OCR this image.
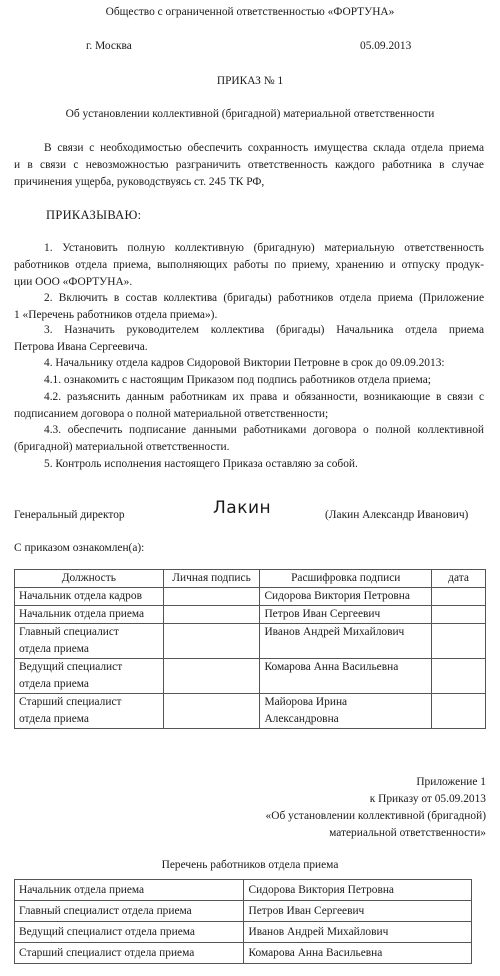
Общество с ограниченной ответственностью «ФОРТУНА»
г. Москва	05.09.2013
ПРИКАЗ № 1
Об установлении коллективной (бригадной) материальной ответственности
В связи с необходимостью обеспечить сохранность имущества склада отдела приема
и в связи с невозможностью разграничить ответственность каждого работника в случае
причинения ущерба, руководствуясь ст. 245 ТК РФ,
ПРИКАЗЫВАЮ:
1. Установить полную коллективную (бригадную) материальную ответственность
работников отдела приема, выполняющих работы по приему, хранению и отпуску продук-
ции ООО «ФОРТУНА».
2. Включить в состав коллектива (бригады) работников отдела приема (Приложение
1 «Перечень работников отдела приема»).
3. Назначить руководителем коллектива (бригады) Начальника отдела приема
Петрова Ивана Сергеевича.
4. Начальнику отдела кадров Сидоровой Виктории Петровне в срок до 09.09.2013:
4.1. ознакомить с настоящим Приказом под подпись работников отдела приема;
4.2. разъяснить данным работникам их права и обязанности, возникающие в связи с
подписанием договора о полной материальной ответственности;
4.3. обеспечить подписание данными работниками договора о полной коллективной
(бригадной) материальной ответственности.
5. Контроль исполнения настоящего Приказа оставляю за собой.
Генеральный директор	Лакин	(Лакин Александр Иванович)
С приказом ознакомлен(а):
Должность	Личная подпись	Расшифровка подписи	дата
Начальник отдела кадров		Сидорова Виктория Петровна	
Начальник отдела приема		Петров Иван Сергеевич	

Главный специалист
отдела приема		Иванов Андрей Михайлович	

Ведущий специалист
отдела приема		Комарова Анна Васильевна	

Старший специалист
отдела приема		Майорова Ирина
Александровна	

Приложение 1
к Приказу от 05.09.2013
«Об установлении коллективной (бригадной)
материальной ответственности»
Перечень работников отдела приема
Начальник отдела приема	Сидорова Виктория Петровна
Главный специалист отдела приема	Петров Иван Сергеевич
Ведущий специалист отдела приема	Иванов Андрей Михайлович
Старший специалист отдела приема	Комарова Анна Васильевна
